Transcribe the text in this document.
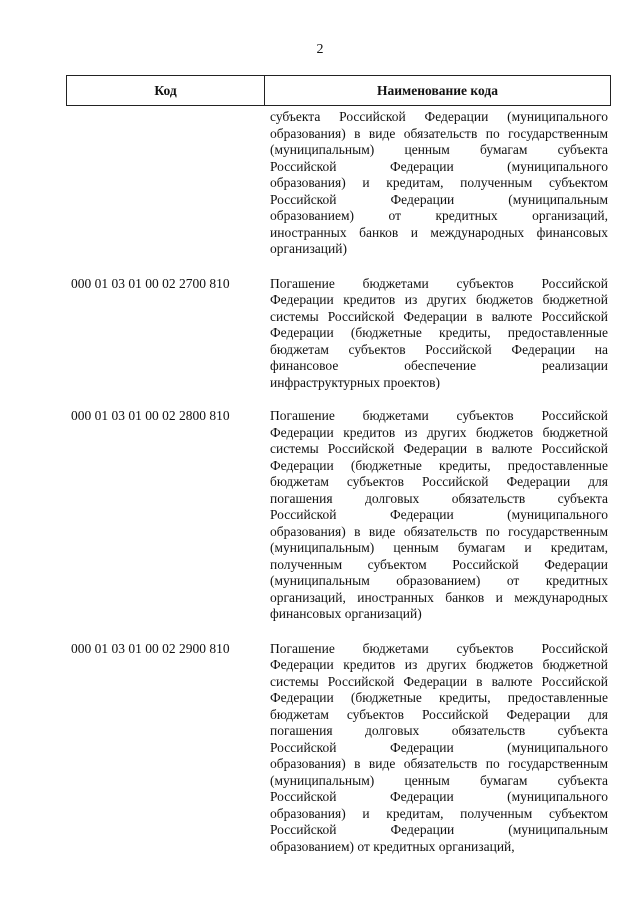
2
Код	Наименование кода
субъекта Российской Федерации (муниципального
образования) в виде обязательств по государственным
(муниципальным) ценным бумагам субъекта
Российской Федерации (муниципального
образования) и кредитам, полученным субъектом
Российской Федерации (муниципальным
образованием) от кредитных организаций,
иностранных банков и международных финансовых
организаций)
000 01 03 01 00 02 2700 810	Погашение бюджетами субъектов Российской
Федерации кредитов из других бюджетов бюджетной
системы Российской Федерации в валюте Российской
Федерации (бюджетные кредиты, предоставленные
бюджетам субъектов Российской Федерации на
финансовое обеспечение реализации
инфраструктурных проектов)
000 01 03 01 00 02 2800 810	Погашение бюджетами субъектов Российской
Федерации кредитов из других бюджетов бюджетной
системы Российской Федерации в валюте Российской
Федерации (бюджетные кредиты, предоставленные
бюджетам субъектов Российской Федерации для
погашения долговых обязательств субъекта
Российской Федерации (муниципального
образования) в виде обязательств по государственным
(муниципальным) ценным бумагам и кредитам,
полученным субъектом Российской Федерации
(муниципальным образованием) от кредитных
организаций, иностранных банков и международных
финансовых организаций)
000 01 03 01 00 02 2900 810	Погашение бюджетами субъектов Российской
Федерации кредитов из других бюджетов бюджетной
системы Российской Федерации в валюте Российской
Федерации (бюджетные кредиты, предоставленные
бюджетам субъектов Российской Федерации для
погашения долговых обязательств субъекта
Российской Федерации (муниципального
образования) в виде обязательств по государственным
(муниципальным) ценным бумагам субъекта
Российской Федерации (муниципального
образования) и кредитам, полученным субъектом
Российской Федерации (муниципальным
образованием) от кредитных организаций,
